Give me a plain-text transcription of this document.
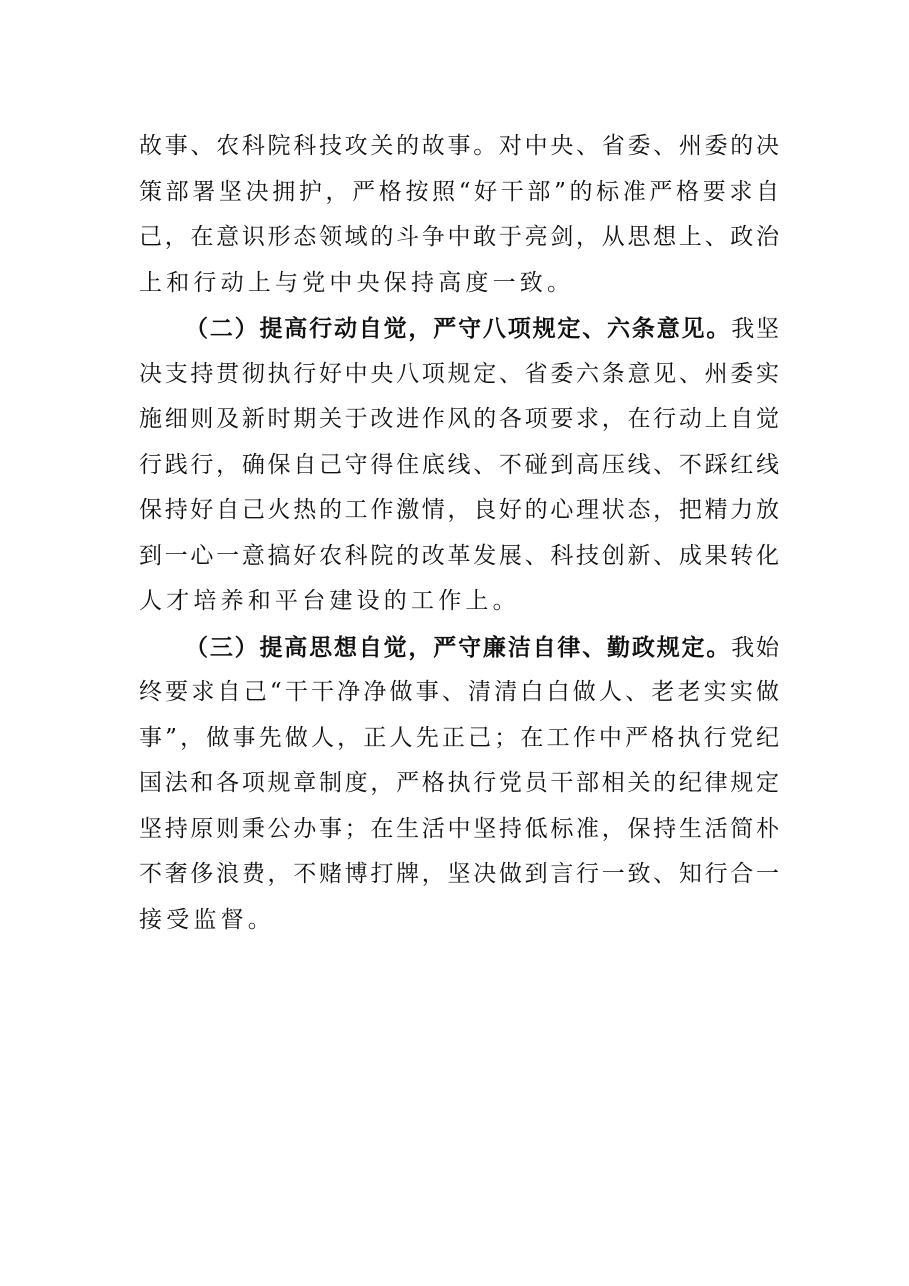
故事、农科院科技攻关的故事。对中央、省委、州委的决
策部署坚决拥护，严格按照“好干部”的标准严格要求自
己，在意识形态领域的斗争中敢于亮剑，从思想上、政治
上和行动上与党中央保持高度一致。
（二）提高行动自觉，严守八项规定、六条意见。我坚
决支持贯彻执行好中央八项规定、省委六条意见、州委实
施细则及新时期关于改进作风的各项要求，在行动上自觉
行践行，确保自己守得住底线、不碰到高压线、不踩红线
保持好自己火热的工作激情，良好的心理状态，把精力放
到一心一意搞好农科院的改革发展、科技创新、成果转化
人才培养和平台建设的工作上。
（三）提高思想自觉，严守廉洁自律、勤政规定。我始
终要求自己“干干净净做事、清清白白做人、老老实实做
事”，做事先做人，正人先正己；在工作中严格执行党纪
国法和各项规章制度，严格执行党员干部相关的纪律规定
坚持原则秉公办事；在生活中坚持低标准，保持生活简朴
不奢侈浪费，不赌博打牌，坚决做到言行一致、知行合一
接受监督。
